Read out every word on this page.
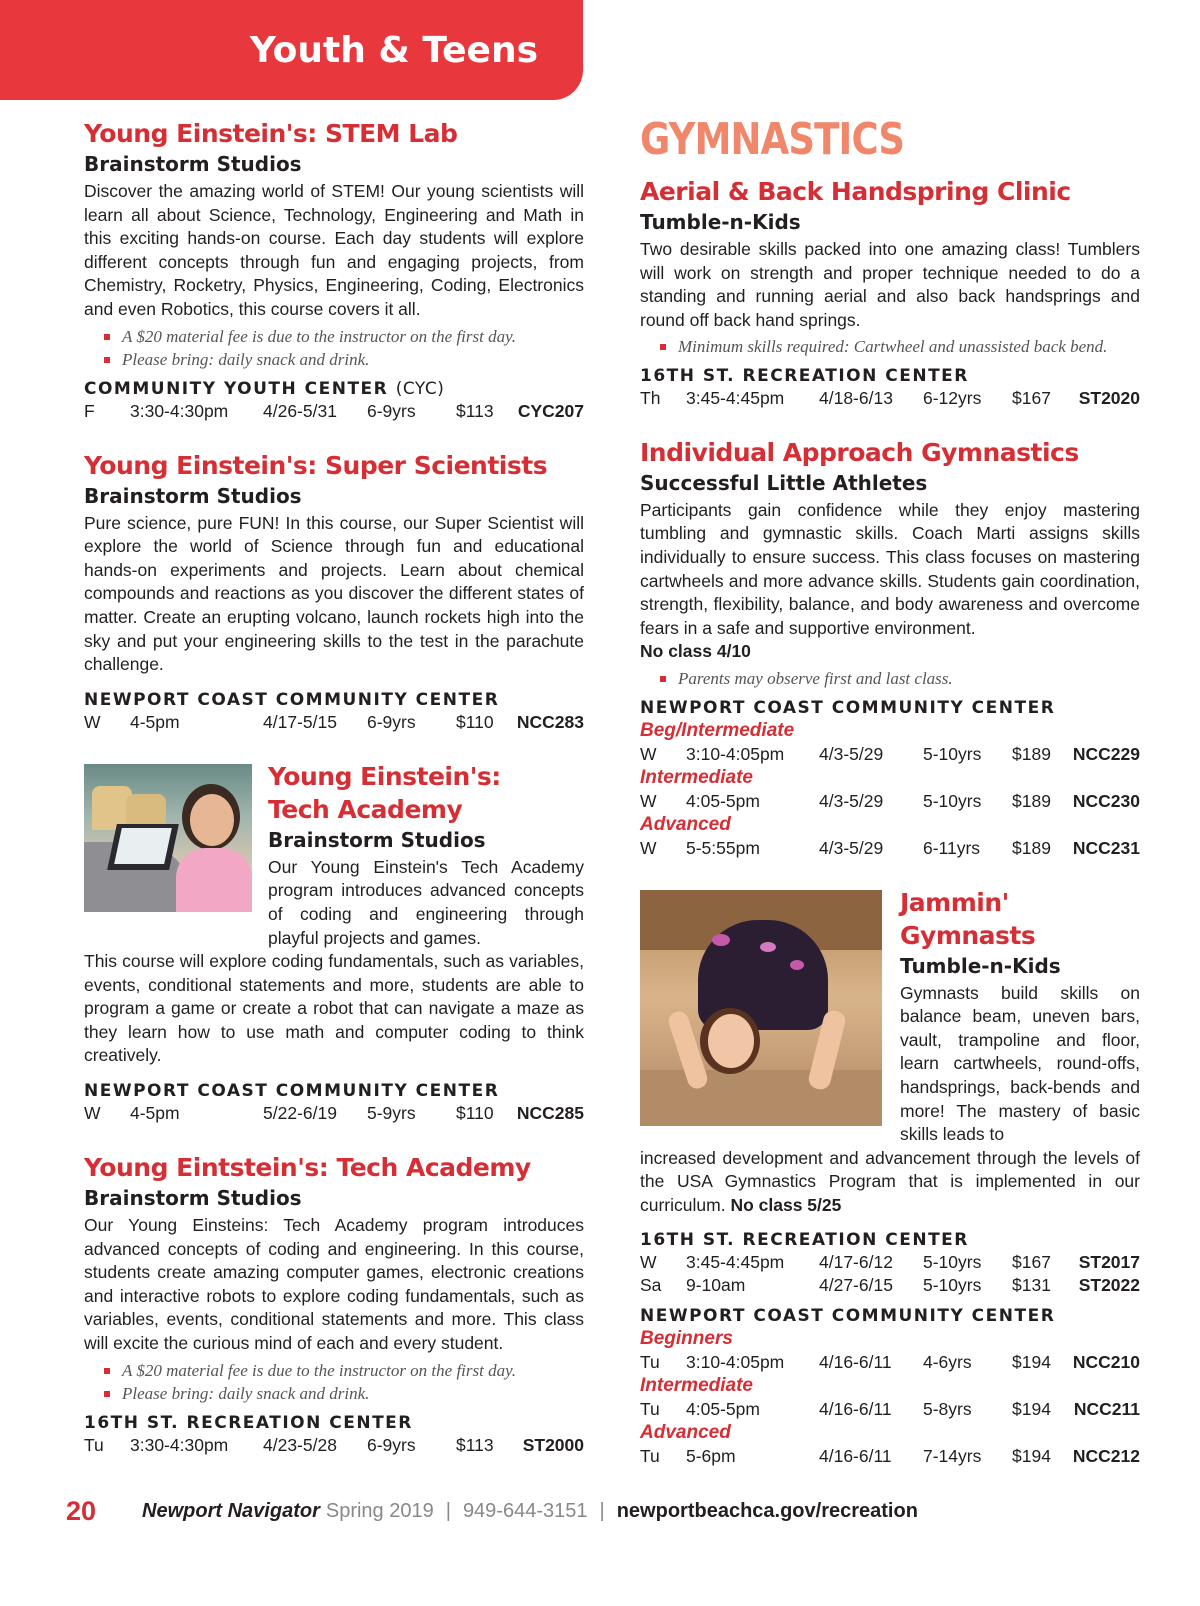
Youth & Teens
Young Einstein's: STEM Lab
Brainstorm Studios
Discover the amazing world of STEM! Our young scientists will learn all about Science, Technology, Engineering and Math in this exciting hands-on course. Each day students will explore different concepts through fun and engaging projects, from Chemistry, Rocketry, Physics, Engineering, Coding, Electronics and even Robotics, this course covers it all.
A $20 material fee is due to the instructor on the first day.
Please bring: daily snack and drink.
COMMUNITY YOUTH CENTER (CYC)
F	3:30-4:30pm	4/26-5/31	6-9yrs	$113	CYC207
Young Einstein's: Super Scientists
Brainstorm Studios
Pure science, pure FUN! In this course, our Super Scientist will explore the world of Science through fun and educational hands-on experiments and projects. Learn about chemical compounds and reactions as you discover the different states of matter. Create an erupting volcano, launch rockets high into the sky and put your engineering skills to the test in the parachute challenge.
NEWPORT COAST COMMUNITY CENTER
W	4-5pm	4/17-5/15	6-9yrs	$110	NCC283
Young Einstein's:
Tech Academy
Brainstorm Studios
Our Young Einstein's Tech Academy program introduces advanced concepts of coding and engineering through playful projects and games.
This course will explore coding fundamentals, such as variables, events, conditional statements and more, students are able to program a game or create a robot that can navigate a maze as they learn how to use math and computer coding to think creatively.
NEWPORT COAST COMMUNITY CENTER
W	4-5pm	5/22-6/19	5-9yrs	$110	NCC285
Young Eintstein's: Tech Academy
Brainstorm Studios
Our Young Einsteins: Tech Academy program introduces advanced concepts of coding and engineering. In this course, students create amazing computer games, electronic creations and interactive robots to explore coding fundamentals, such as variables, events, conditional statements and more. This class will excite the curious mind of each and every student.
A $20 material fee is due to the instructor on the first day.
Please bring: daily snack and drink.
16TH ST. RECREATION CENTER
Tu	3:30-4:30pm	4/23-5/28	6-9yrs	$113	ST2000
GYMNASTICS
Aerial & Back Handspring Clinic
Tumble-n-Kids
Two desirable skills packed into one amazing class! Tumblers will work on strength and proper technique needed to do a standing and running aerial and also back handsprings and round off back hand springs.
Minimum skills required: Cartwheel and unassisted back bend.
16TH ST. RECREATION CENTER
Th	3:45-4:45pm	4/18-6/13	6-12yrs	$167	ST2020
Individual Approach Gymnastics
Successful Little Athletes
Participants gain confidence while they enjoy mastering tumbling and gymnastic skills. Coach Marti assigns skills individually to ensure success. This class focuses on mastering cartwheels and more advance skills. Students gain coordination, strength, flexibility, balance, and body awareness and overcome fears in a safe and supportive environment.
No class 4/10
Parents may observe first and last class.
NEWPORT COAST COMMUNITY CENTER
Beg/Intermediate
W	3:10-4:05pm	4/3-5/29	5-10yrs	$189	NCC229
Intermediate
W	4:05-5pm	4/3-5/29	5-10yrs	$189	NCC230
Advanced
W	5-5:55pm	4/3-5/29	6-11yrs	$189	NCC231
Jammin'
Gymnasts
Tumble-n-Kids
Gymnasts build skills on balance beam, uneven bars, vault, trampoline and floor, learn cartwheels, round-offs, handsprings, back-bends and more! The mastery of basic skills leads to
increased development and advancement through the levels of the USA Gymnastics Program that is implemented in our curriculum. No class 5/25
16TH ST. RECREATION CENTER
W	3:45-4:45pm	4/17-6/12	5-10yrs	$167	ST2017
Sa	9-10am	4/27-6/15	5-10yrs	$131	ST2022
NEWPORT COAST COMMUNITY CENTER
Beginners
Tu	3:10-4:05pm	4/16-6/11	4-6yrs	$194	NCC210
Intermediate
Tu	4:05-5pm	4/16-6/11	5-8yrs	$194	NCC211
Advanced
Tu	5-6pm	4/16-6/11	7-14yrs	$194	NCC212
20 Newport Navigator Spring 2019 | 949-644-3151 | newportbeachca.gov/recreation
